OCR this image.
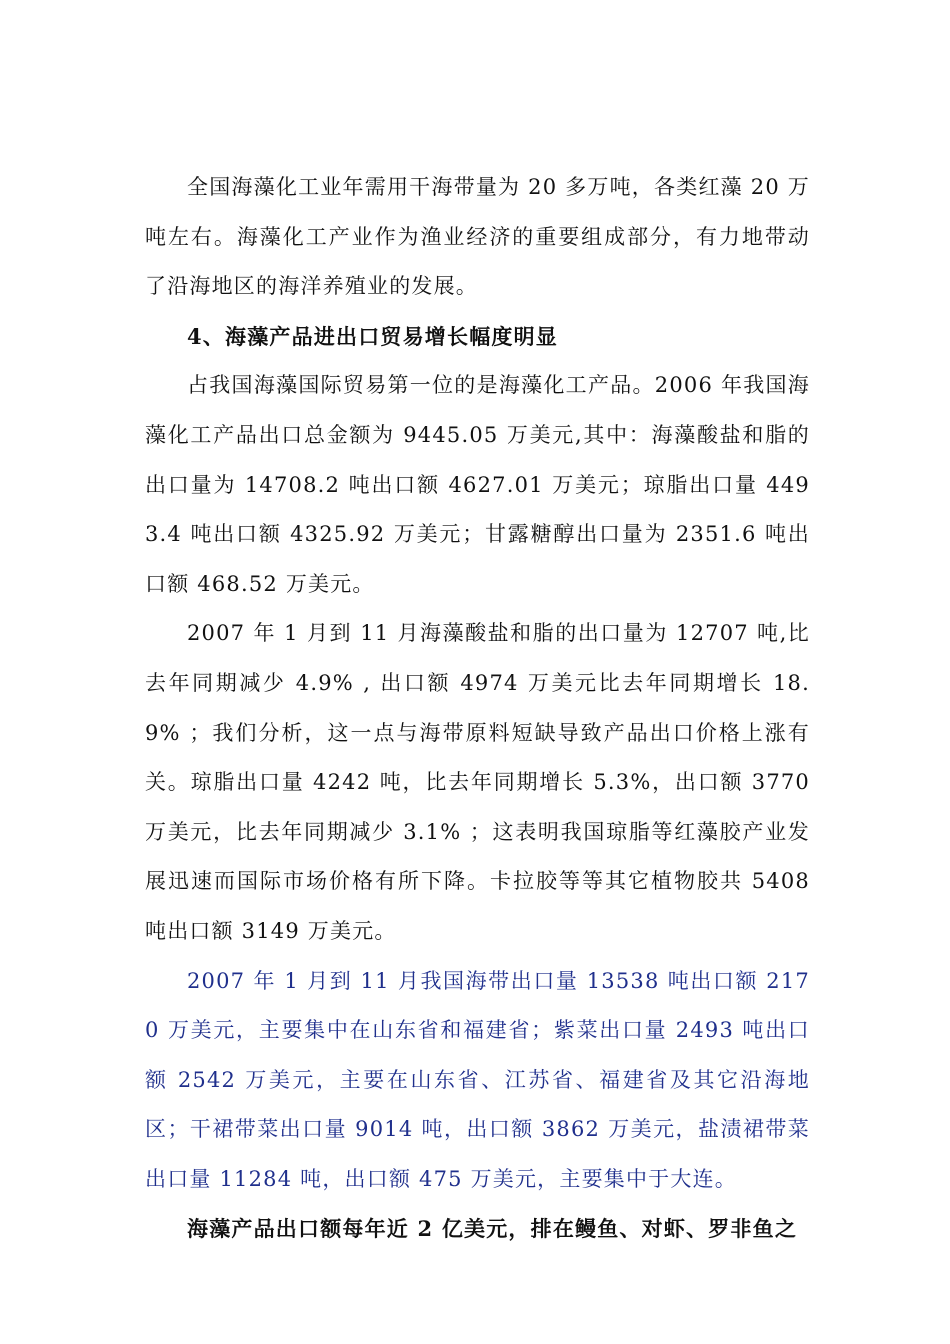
全国海藻化工业年需用干海带量为 20 多万吨，各类红藻 20 万吨左右。海藻化工产业作为渔业经济的重要组成部分，有力地带动了沿海地区的海洋养殖业的发展。

4、海藻产品进出口贸易增长幅度明显

占我国海藻国际贸易第一位的是海藻化工产品。2006 年我国海藻化工产品出口总金额为 9445.05 万美元,其中：海藻酸盐和脂的出口量为 14708.2 吨出口额 4627.01 万美元；琼脂出口量 4493.4 吨出口额 4325.92 万美元；甘露糖醇出口量为 2351.6 吨出口额 468.52 万美元。

2007 年 1 月到 11 月海藻酸盐和脂的出口量为 12707 吨,比去年同期减少 4.9% , 出口额 4974 万美元比去年同期增长 18.9% ；我们分析，这一点与海带原料短缺导致产品出口价格上涨有关。琼脂出口量 4242 吨，比去年同期增长 5.3%，出口额 3770 万美元，比去年同期减少 3.1% ；这表明我国琼脂等红藻胶产业发展迅速而国际市场价格有所下降。卡拉胶等等其它植物胶共 5408 吨出口额 3149 万美元。

2007 年 1 月到 11 月我国海带出口量 13538 吨出口额 2170 万美元，主要集中在山东省和福建省；紫菜出口量 2493 吨出口额 2542 万美元，主要在山东省、江苏省、福建省及其它沿海地区；干裙带菜出口量 9014 吨，出口额 3862 万美元，盐渍裙带菜出口量 11284 吨，出口额 475 万美元，主要集中于大连。

海藻产品出口额每年近 2 亿美元，排在鳗鱼、对虾、罗非鱼之
